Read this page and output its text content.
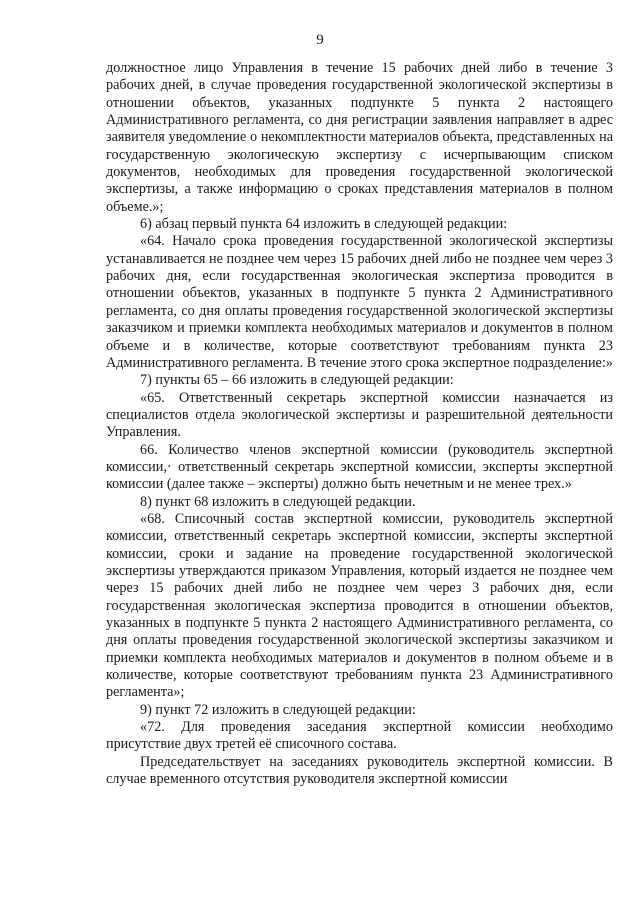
9

должностное лицо Управления в течение 15 рабочих дней либо в течение 3 рабочих дней, в случае проведения государственной экологической экспертизы в отношении объектов, указанных подпункте 5 пункта 2 настоящего Административного регламента, со дня регистрации заявления направляет в адрес заявителя уведомление о некомплектности материалов объекта, представленных на государственную экологическую экспертизу с исчерпывающим списком документов, необходимых для проведения государственной экологической экспертизы, а также информацию о сроках представления материалов в полном объеме.»;

6) абзац первый пункта 64 изложить в следующей редакции:

«64. Начало срока проведения государственной экологической экспертизы устанавливается не позднее чем через 15 рабочих дней либо не позднее чем через 3 рабочих дня, если государственная экологическая экспертиза проводится в отношении объектов, указанных в подпункте 5 пункта 2 Административного регламента, со дня оплаты проведения государственной экологической экспертизы заказчиком и приемки комплекта необходимых материалов и документов в полном объеме и в количестве, которые соответствуют требованиям пункта 23 Административного регламента. В течение этого срока экспертное подразделение:»

7) пункты 65 – 66 изложить в следующей редакции:

«65. Ответственный секретарь экспертной комиссии назначается из специалистов отдела экологической экспертизы и разрешительной деятельности Управления.

66. Количество членов экспертной комиссии (руководитель экспертной комиссии,· ответственный секретарь экспертной комиссии, эксперты экспертной комиссии (далее также – эксперты) должно быть нечетным и не менее трех.»

8) пункт 68 изложить в следующей редакции.

«68. Списочный состав экспертной комиссии, руководитель экспертной комиссии, ответственный секретарь экспертной комиссии, эксперты экспертной комиссии, сроки и задание на проведение государственной экологической экспертизы утверждаются приказом Управления, который издается не позднее чем через 15 рабочих дней либо не позднее чем через 3 рабочих дня, если государственная экологическая экспертиза проводится в отношении объектов, указанных в подпункте 5 пункта 2 настоящего Административного регламента, со дня оплаты проведения государственной экологической экспертизы заказчиком и приемки комплекта необходимых материалов и документов в полном объеме и в количестве, которые соответствуют требованиям пункта 23 Административного регламента»;

9) пункт 72 изложить в следующей редакции:

«72. Для проведения заседания экспертной комиссии необходимо присутствие двух третей её списочного состава.

Председательствует на заседаниях руководитель экспертной комиссии. В случае временного отсутствия руководителя экспертной комиссии
